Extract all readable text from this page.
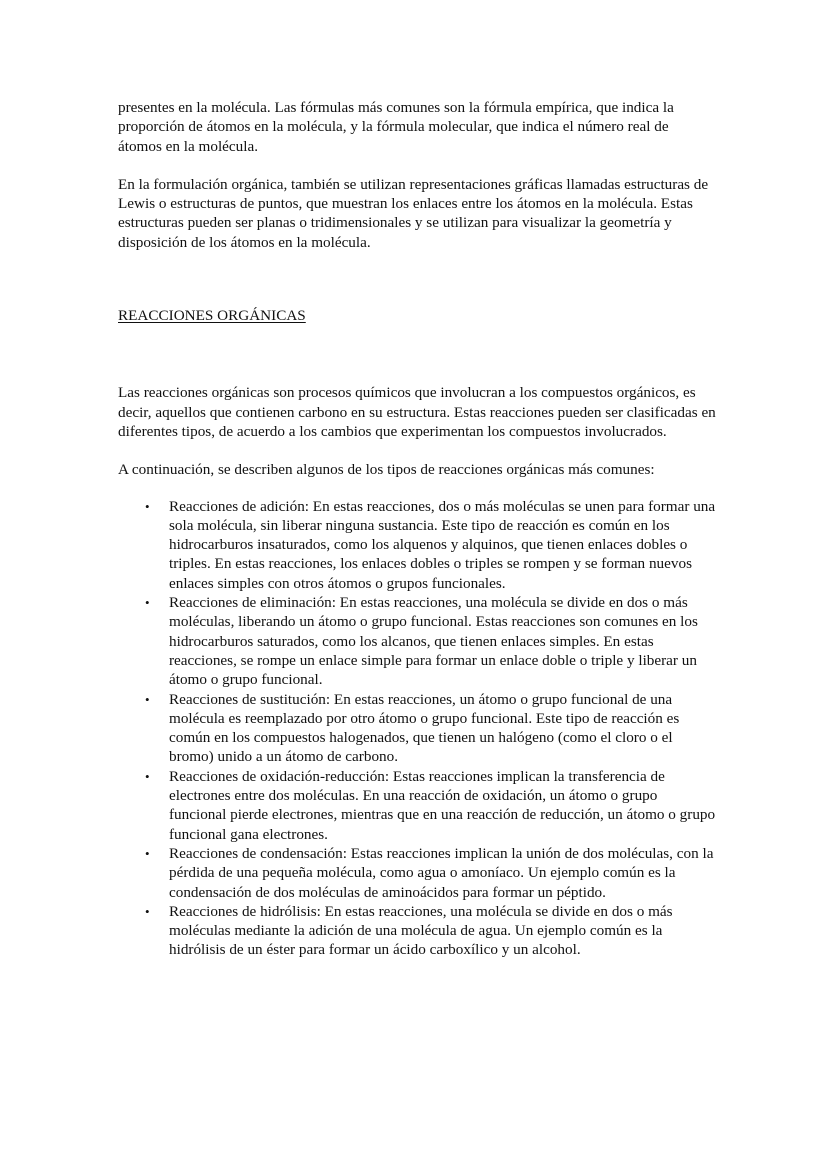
presentes en la molécula. Las fórmulas más comunes son la fórmula empírica, que indica la proporción de átomos en la molécula, y la fórmula molecular, que indica el número real de átomos en la molécula.

En la formulación orgánica, también se utilizan representaciones gráficas llamadas estructuras de Lewis o estructuras de puntos, que muestran los enlaces entre los átomos en la molécula. Estas estructuras pueden ser planas o tridimensionales y se utilizan para visualizar la geometría y disposición de los átomos en la molécula.

REACCIONES ORGÁNICAS

Las reacciones orgánicas son procesos químicos que involucran a los compuestos orgánicos, es decir, aquellos que contienen carbono en su estructura. Estas reacciones pueden ser clasificadas en diferentes tipos, de acuerdo a los cambios que experimentan los compuestos involucrados.

A continuación, se describen algunos de los tipos de reacciones orgánicas más comunes:

• Reacciones de adición: En estas reacciones, dos o más moléculas se unen para formar una sola molécula, sin liberar ninguna sustancia. Este tipo de reacción es común en los hidrocarburos insaturados, como los alquenos y alquinos, que tienen enlaces dobles o triples. En estas reacciones, los enlaces dobles o triples se rompen y se forman nuevos enlaces simples con otros átomos o grupos funcionales.
• Reacciones de eliminación: En estas reacciones, una molécula se divide en dos o más moléculas, liberando un átomo o grupo funcional. Estas reacciones son comunes en los hidrocarburos saturados, como los alcanos, que tienen enlaces simples. En estas reacciones, se rompe un enlace simple para formar un enlace doble o triple y liberar un átomo o grupo funcional.
• Reacciones de sustitución: En estas reacciones, un átomo o grupo funcional de una molécula es reemplazado por otro átomo o grupo funcional. Este tipo de reacción es común en los compuestos halogenados, que tienen un halógeno (como el cloro o el bromo) unido a un átomo de carbono.
• Reacciones de oxidación-reducción: Estas reacciones implican la transferencia de electrones entre dos moléculas. En una reacción de oxidación, un átomo o grupo funcional pierde electrones, mientras que en una reacción de reducción, un átomo o grupo funcional gana electrones.
• Reacciones de condensación: Estas reacciones implican la unión de dos moléculas, con la pérdida de una pequeña molécula, como agua o amoníaco. Un ejemplo común es la condensación de dos moléculas de aminoácidos para formar un péptido.
• Reacciones de hidrólisis: En estas reacciones, una molécula se divide en dos o más moléculas mediante la adición de una molécula de agua. Un ejemplo común es la hidrólisis de un éster para formar un ácido carboxílico y un alcohol.
